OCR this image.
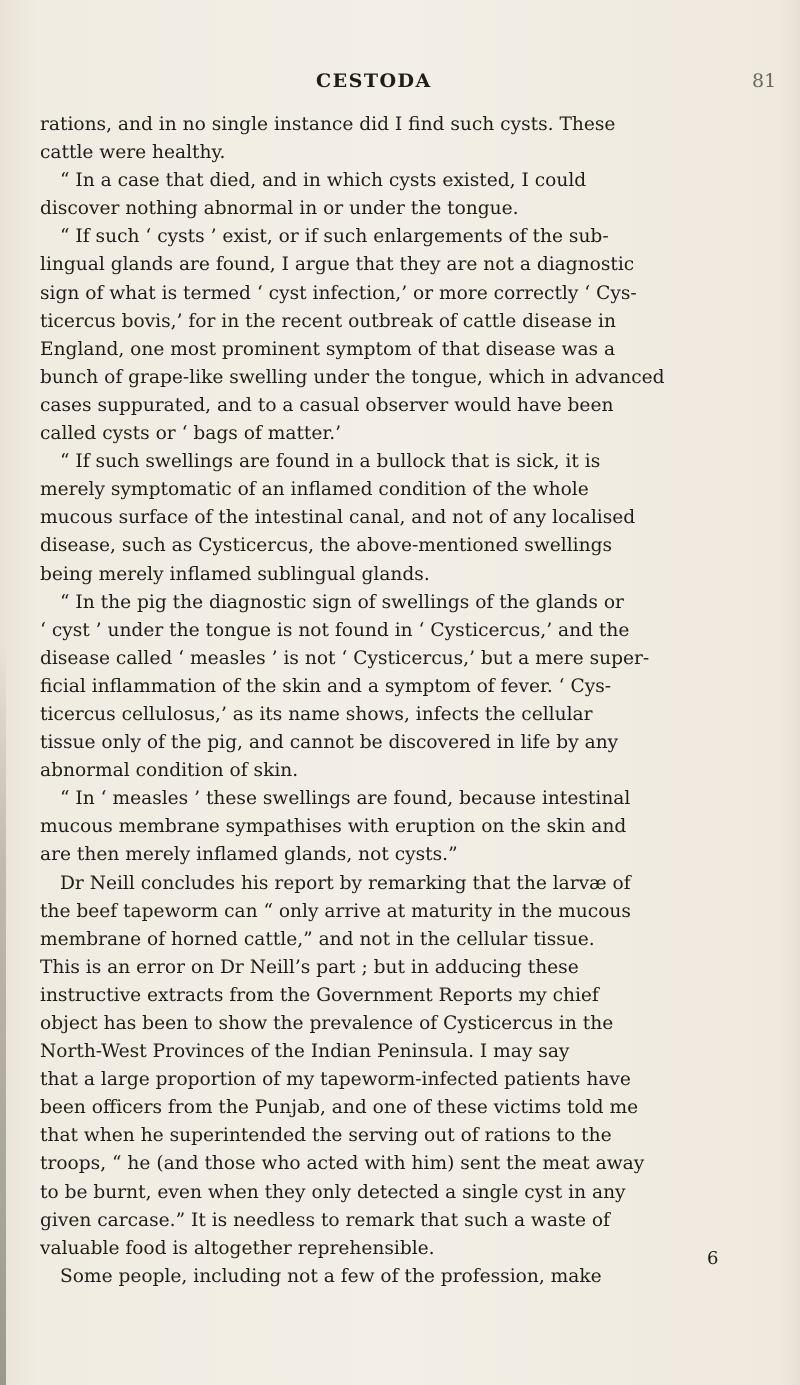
CESTODA	81
rations, and in no single instance did I find such cysts. These
cattle were healthy.
“ In a case that died, and in which cysts existed, I could
discover nothing abnormal in or under the tongue.
“ If such ‘ cysts ’ exist, or if such enlargements of the sub-
lingual glands are found, I argue that they are not a diagnostic
sign of what is termed ‘ cyst infection,’ or more correctly ‘ Cys-
ticercus bovis,’ for in the recent outbreak of cattle disease in
England, one most prominent symptom of that disease was a
bunch of grape-like swelling under the tongue, which in advanced
cases suppurated, and to a casual observer would have been
called cysts or ‘ bags of matter.’
“ If such swellings are found in a bullock that is sick, it is
merely symptomatic of an inflamed condition of the whole
mucous surface of the intestinal canal, and not of any localised
disease, such as Cysticercus, the above-mentioned swellings
being merely inflamed sublingual glands.
“ In the pig the diagnostic sign of swellings of the glands or
‘ cyst ’ under the tongue is not found in ‘ Cysticercus,’ and the
disease called ‘ measles ’ is not ‘ Cysticercus,’ but a mere super-
ficial inflammation of the skin and a symptom of fever. ‘ Cys-
ticercus cellulosus,’ as its name shows, infects the cellular
tissue only of the pig, and cannot be discovered in life by any
abnormal condition of skin.
“ In ‘ measles ’ these swellings are found, because intestinal
mucous membrane sympathises with eruption on the skin and
are then merely inflamed glands, not cysts.”
Dr Neill concludes his report by remarking that the larvæ of
the beef tapeworm can “ only arrive at maturity in the mucous
membrane of horned cattle,” and not in the cellular tissue.
This is an error on Dr Neill’s part ; but in adducing these
instructive extracts from the Government Reports my chief
object has been to show the prevalence of Cysticercus in the
North-West Provinces of the Indian Peninsula. I may say
that a large proportion of my tapeworm-infected patients have
been officers from the Punjab, and one of these victims told me
that when he superintended the serving out of rations to the
troops, “ he (and those who acted with him) sent the meat away
to be burnt, even when they only detected a single cyst in any
given carcase.” It is needless to remark that such a waste of
valuable food is altogether reprehensible.
Some people, including not a few of the profession, make
6
